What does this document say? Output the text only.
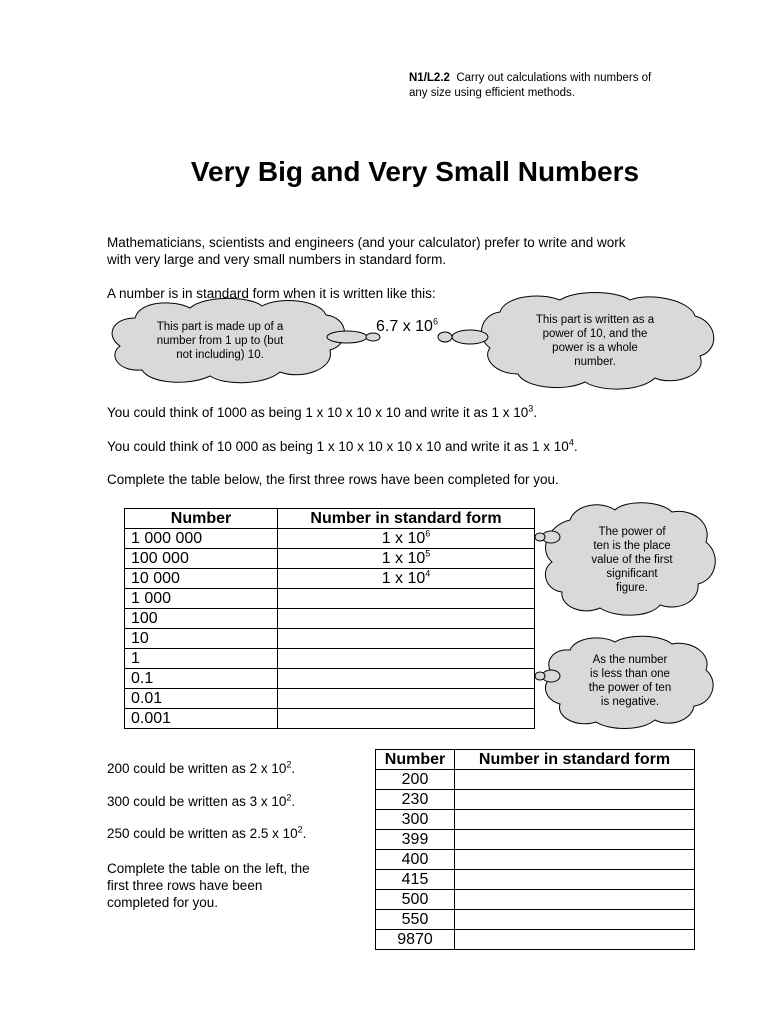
N1/L2.2 Carry out calculations with numbers of
any size using efficient methods.
Very Big and Very Small Numbers
Mathematicians, scientists and engineers (and your calculator) prefer to write and work
with very large and very small numbers in standard form.
A number is in standard form when it is written like this:
6.7 x $10^6$
This part is made up of a
number from 1 up to (but
not including) 10.
This part is written as a
power of 10, and the
power is a whole
number.
You could think of 1000 as being 1 x 10 x 10 x 10 and write it as 1 x $10^3$.
You could think of 10 000 as being 1 x 10 x 10 x 10 x 10 and write it as 1 x $10^4$.
Complete the table below, the first three rows have been completed for you.
Number	Number in standard form
1 000 000	1 x $10^6$
100 000	1 x $10^5$
10 000	1 x $10^4$
1 000	
100	
10	
1	
0.1	
0.01	
0.001	
The power of
ten is the place
value of the first
significant
figure.
As the number
is less than one
the power of ten
is negative.
200 could be written as 2 x $10^2$.
300 could be written as 3 x $10^2$.
250 could be written as 2.5 x $10^2$.
Complete the table on the left, the
first three rows have been
completed for you.
Number	Number in standard form
200	
230	
300	
399	
400	
415	
500	
550	
9870	
